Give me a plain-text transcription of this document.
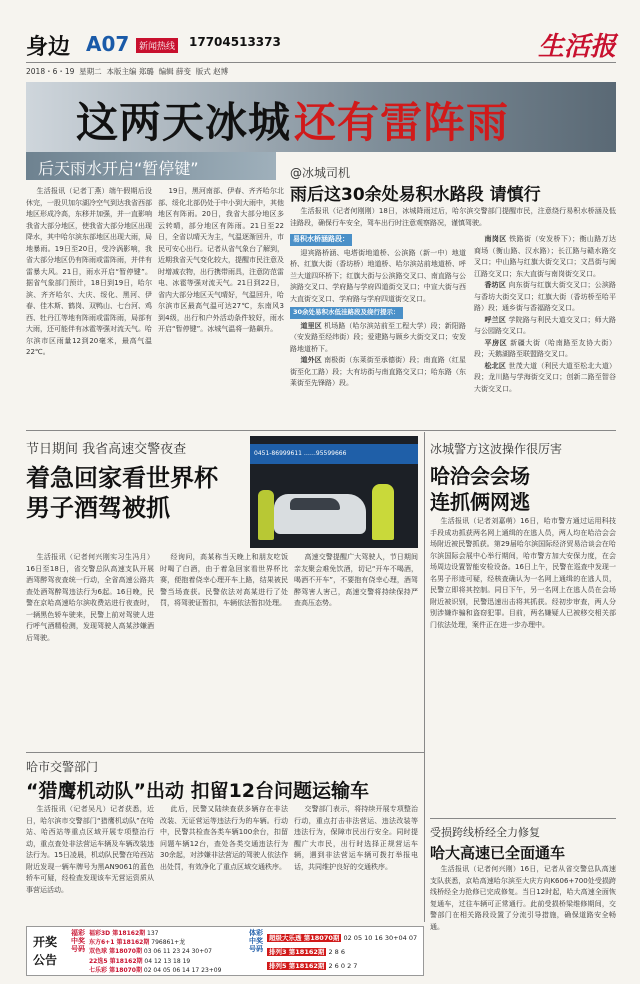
身边 A07	新闻热线 17704513373	生活报
2018・6・19  星期二  本版主编 郑璐  编辑 薛变  版式 赵博
这两天冰城 还有雷阵雨
后天雨水开启“暂停键”

生活报讯（记者丁燕）端午假期后没休完，一股贝加尔湖冷空气到达我省西部地区形成冷高，东移并加强，并一直影响我省大部分地区，使我省大部分地区出现降水，其中哈尔滨东部地区出现大雨，局地暴雨。19日至20日，受冷涡影响，我省大部分地区仍有阵雨或雷阵雨，并伴有雷暴大风。21日，雨水开启“暂停键”。据省气象部门预计，18日到19日，哈尔滨、齐齐哈尔、大庆、绥化、黑河、伊春、佳木斯、鹤岗、双鸭山、七台河、鸡西、牡丹江等地有阵雨或雷阵雨，局部有大雨，还可能伴有冰雹等强对流天气。哈尔滨市区雨量12到20毫米，最高气温22℃。

19日，黑河南部、伊春、齐齐哈尔北部、绥化北部仍处于中小到大雨中，其他地区有阵雨。20日，我省大部分地区多云转晴，部分地区有阵雨。21日至22日，全省以晴天为主，气温逐渐回升，市民可安心出行。记者从省气象台了解到，近期我省天气变化较大，提醒市民注意及时增减衣物，出行携带雨具，注意防范雷电、冰雹等强对流天气。21日到22日，省内大部分地区天气晴好，气温回升，哈尔滨市区最高气温可达27℃，东南风3到4级，出行和户外活动条件较好，雨水开启“暂停键”。冰城气温将一路飙升。

@冰城司机
雨后这30余处易积水路段 请慎行
生活报讯（记者何刚刚）18日，冰城降雨过后，哈尔滨交警部门提醒市民，注意绕行易积水桥涵及低洼路段，确保行车安全，驾车出行时注意观察路况，谨慎驾驶。
易积水桥涵路段：

迎宾路桥涵、电塔街地道桥、公滨路（新一中）地道桥、红旗大街（香坊桥）地道桥、哈尔滨站前地道桥、呼兰大道四环桥下；红旗大街与公滨路交叉口、南直路与公滨路交叉口、学府路与学府四道街交叉口；中宣大街与西大直街交叉口、学府路与学府四道街交叉口。

30余处易积水低洼路段及绕行提示：

道里区 机场路（哈尔滨站前至工程大学）段；新阳路（安发路至经纬街）段；爱建路与顾乡大街交叉口；安发路地道桥下。

道外区 南极街（东莱街至承德街）段；南直路（红星街至化工路）段；大有坊街与南直路交叉口；哈东路（东莱街至先锋路）段。

南岗区 铁路街（安发桥下）；衡山路万达商场（衡山路、汉水路）；长江路与赣水路交叉口；中山路与红旗大街交叉口；文昌街与闽江路交叉口；东大直街与南岗街交叉口。

香坊区 向东街与红旗大街交叉口；公滨路与香坊大街交叉口；红旗大街（香坊桥至哈平路）段；通乡街与香福路交叉口。

呼兰区 学院路与利民大道交叉口；师大路与公园路交叉口。

平房区 新疆大街（哈南路至友协大街）段；天鹅湖路至联盟路交叉口。

松北区 世茂大道（利民大道至松北大道）段；龙川路与学海街交叉口；创新二路至智谷大街交叉口。

节日期间 我省高速交警夜查
着急回家看世界杯
男子酒驾被抓
0451-86999611 ……95599666

生活报讯（记者何兴刚实习生冯月）16日至18日，省交警总队高速支队开展酒驾醉驾夜查统一行动，全省高速公路共查处酒驾醉驾违法行为6起。16日晚，民警在京哈高速哈尔滨收费站进行夜查时，一辆黑色轿车驶来，民警上前对驾驶人进行呼气酒精检测，发现驾驶人高某涉嫌酒后驾驶。

经询问，高某称当天晚上和朋友吃饭时喝了白酒，由于着急回家看世界杯比赛，便抱着侥幸心理开车上路，结果被民警当场查获。民警依法对高某进行了处罚，将驾驶证暂扣，车辆依法暂扣处理。

高速交警提醒广大驾驶人，节日期间亲友聚会难免饮酒，切记“开车不喝酒，喝酒不开车”，不要抱有侥幸心理，酒驾醉驾害人害己，高速交警将持续保持严查高压态势。

冰城警方这波操作很厉害
哈洽会会场
连抓俩网逃

生活报讯（记者刘嘉萌）16日，哈市警方通过运用科技手段成功抓获两名网上通缉的在逃人员，两人均在哈洽会会场附近被民警抓获。第29届哈尔滨国际经济贸易洽谈会在哈尔滨国际会展中心举行期间，哈市警方加大安保力度，在会场周边设置智能安检设备。16日上午，民警在巡查中发现一名男子形迹可疑，经核查确认为一名网上通缉的在逃人员，民警立即将其控制。同日下午，另一名网上在逃人员在会场附近被识别，民警迅速出击将其抓获。经初步审查，两人分别涉嫌诈骗和盗窃犯罪。目前，两名嫌疑人已被移交相关部门依法处理，案件正在进一步办理中。

哈市交警部门
“猎鹰机动队”出动 扣留12台问题运输车

生活报讯（记者吴凡）记者获悉，近日，哈尔滨市交警部门“猎鹰机动队”在哈站、哈西站等重点区域开展专项整治行动，重点查处非法营运车辆及车辆改装违法行为。15日凌晨，机动队民警在哈西站附近发现一辆车牌号为黑AN9061的蓝色轿车可疑，经检查发现该车无营运资质从事营运活动。

此后，民警又陆续查获多辆存在非法改装、无证营运等违法行为的车辆。行动中，民警共检查各类车辆100余台，扣留问题车辆12台，查处各类交通违法行为30余起，对涉嫌非法营运的驾驶人依法作出处罚，有效净化了重点区域交通秩序。

交警部门表示，将持续开展专项整治行动，重点打击非法营运、违法改装等违法行为，保障市民出行安全。同时提醒广大市民，出行时选择正规营运车辆，遇到非法营运车辆可拨打举报电话，共同维护良好的交通秩序。

受损跨线桥经全力修复
哈大高速已全面通车

生活报讯（记者何兴刚）16日，记者从省交警总队高速支队获悉，京哈高速哈尔滨至大庆方向K606+700处受损跨线桥经全力抢修已完成修复。当日12时起，哈大高速全面恢复通车，过往车辆可正常通行。此前受损桥梁维修期间，交警部门在相关路段设置了分流引导措施，确保道路安全畅通。

开奖
公告
福彩中奖号码
福彩3D 第18162期 137
东方6+1 第18162期 796861+龙
双色球 第18070期 03 06 11 23 24 30+07
22选5 第18162期 04 12 13 18 19
七乐彩 第18070期 02 04 05 06 14 17 23+09
体彩中奖号码
超级大乐透 第18070期 02 05 10 16 30+04 07
排列3 第18162期 2 8 6
排列5 第18162期 2 6 0 2 7
